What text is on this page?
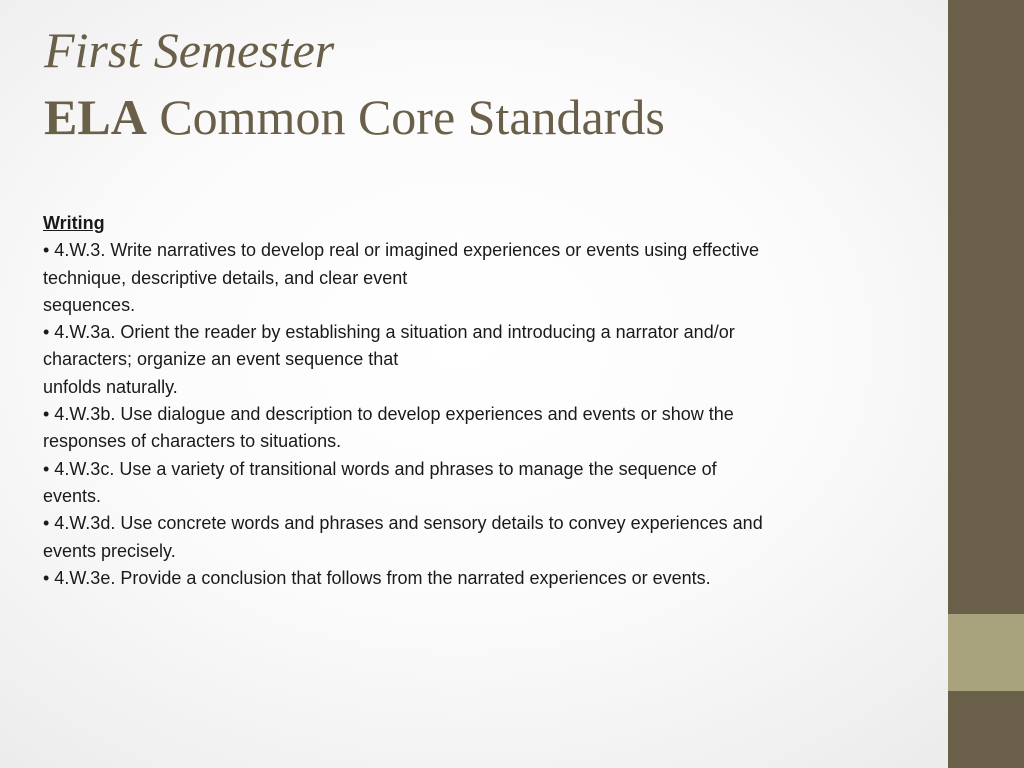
First Semester
ELA Common Core Standards
Writing
• 4.W.3. Write narratives to develop real or imagined experiences or events using effective
technique, descriptive details, and clear event
sequences.
• 4.W.3a. Orient the reader by establishing a situation and introducing a narrator and/or
characters; organize an event sequence that
unfolds naturally.
• 4.W.3b. Use dialogue and description to develop experiences and events or show the
responses of characters to situations.
• 4.W.3c. Use a variety of transitional words and phrases to manage the sequence of
events.
• 4.W.3d. Use concrete words and phrases and sensory details to convey experiences and
events precisely.
• 4.W.3e. Provide a conclusion that follows from the narrated experiences or events.
